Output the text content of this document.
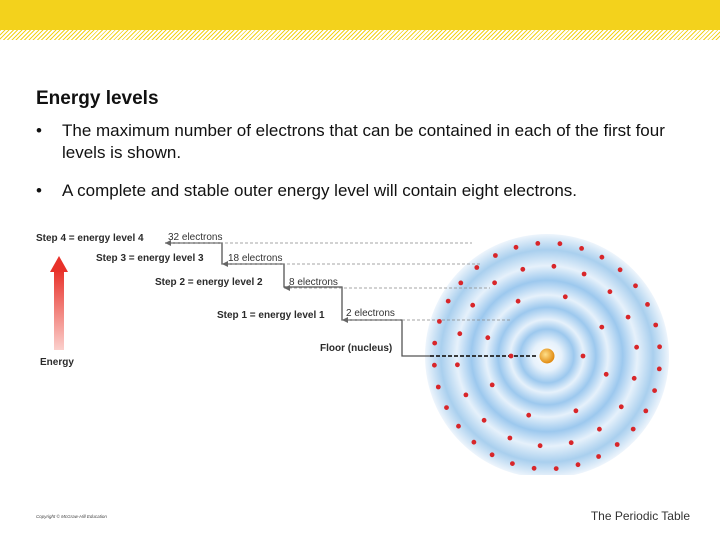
Energy levels
• The maximum number of electrons that can be contained in each of the first four levels is shown.
• A complete and stable outer energy level will contain eight electrons.
Energy
Step 4 = energy level 4
Step 3 = energy level 3
Step 2 = energy level 2
Step 1 = energy level 1
32 electrons
18 electrons
8 electrons
2 electrons
Floor (nucleus)
Copyright © McGraw-Hill Education	The Periodic Table
